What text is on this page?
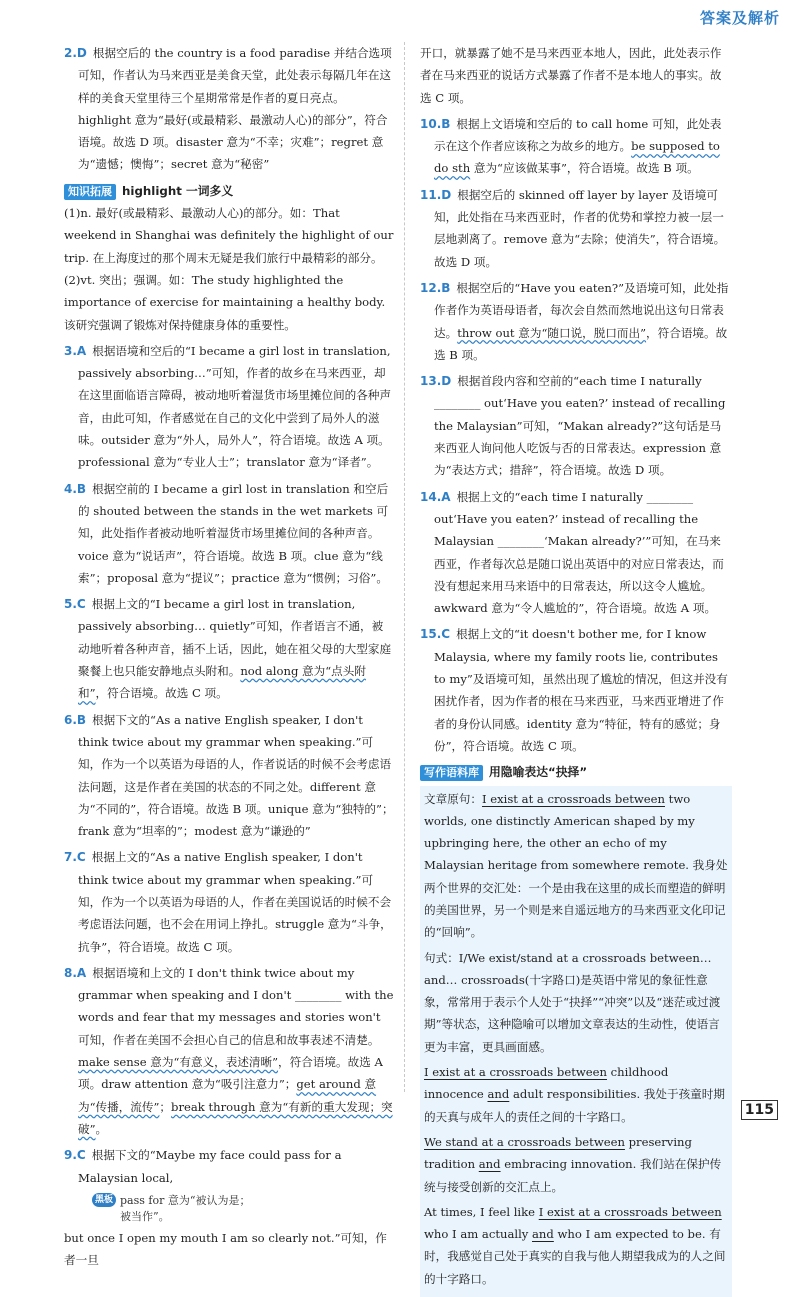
答案及解析

2.D 根据空后的 the country is a food paradise 并结合选项可知，作者认为马来西亚是美食天堂，此处表示每隔几年在这样的美食天堂里待三个星期常常是作者的夏日亮点。highlight 意为“最好(或最精彩、最激动人心)的部分”，符合语境。故选 D 项。disaster 意为“不幸；灾难”；regret 意为“遗憾；懊悔”；secret 意为“秘密”

知识拓展 highlight 一词多义

(1)n. 最好(或最精彩、最激动人心)的部分。如：That weekend in Shanghai was definitely the highlight of our trip. 在上海度过的那个周末无疑是我们旅行中最精彩的部分。

(2)vt. 突出；强调。如：The study highlighted the importance of exercise for maintaining a healthy body. 该研究强调了锻炼对保持健康身体的重要性。

3.A 根据语境和空后的“I became a girl lost in translation, passively absorbing…”可知，作者的故乡在马来西亚，却在这里面临语言障碍，被动地听着湿货市场里摊位间的各种声音，由此可知，作者感觉在自己的文化中尝到了局外人的滋味。outsider 意为“外人，局外人”，符合语境。故选 A 项。professional 意为“专业人士”；translator 意为“译者”。

4.B 根据空前的 I became a girl lost in translation 和空后的 shouted between the stands in the wet markets 可知，此处指作者被动地听着湿货市场里摊位间的各种声音。voice 意为“说话声”，符合语境。故选 B 项。clue 意为“线索”；proposal 意为“提议”；practice 意为“惯例；习俗”。

5.C 根据上文的“I became a girl lost in translation, passively absorbing… quietly”可知，作者语言不通，被动地听着各种声音，插不上话，因此，她在祖父母的大型家庭聚餐上也只能安静地点头附和。nod along 意为“点头附和”，符合语境。故选 C 项。

6.B 根据下文的“As a native English speaker, I don't think twice about my grammar when speaking.”可知，作为一个以英语为母语的人，作者说话的时候不会考虑语法问题，这是作者在美国的状态的不同之处。different 意为“不同的”，符合语境。故选 B 项。unique 意为“独特的”；frank 意为“坦率的”；modest 意为“谦逊的”

7.C 根据上文的“As a native English speaker, I don't think twice about my grammar when speaking.”可知，作为一个以英语为母语的人，作者在美国说话的时候不会考虑语法问题，也不会在用词上挣扎。struggle 意为“斗争，抗争”，符合语境。故选 C 项。

8.A 根据语境和上文的 I don't think twice about my grammar when speaking and I don't ________ with the words and fear that my messages and stories won't 可知，作者在美国不会担心自己的信息和故事表述不清楚。make sense 意为“有意义，表述清晰”，符合语境。故选 A 项。draw attention 意为“吸引注意力”；get around 意为“传播，流传”；break through 意为“有新的重大发现；突破”。

9.C 根据下文的“Maybe my face could pass for a Malaysian local,
黑板 pass for 意为“被认为是；
被当作”。

but once I open my mouth I am so clearly not.”可知，作者一旦

开口，就暴露了她不是马来西亚本地人，因此，此处表示作者在马来西亚的说话方式暴露了作者不是本地人的事实。故选 C 项。

10.B 根据上文语境和空后的 to call home 可知，此处表示在这个作者应该称之为故乡的地方。be supposed to do sth 意为“应该做某事”，符合语境。故选 B 项。

11.D 根据空后的 skinned off layer by layer 及语境可知，此处指在马来西亚时，作者的优势和掌控力被一层一层地剥离了。remove 意为“去除；使消失”，符合语境。故选 D 项。

12.B 根据空后的“Have you eaten?”及语境可知，此处指作者作为英语母语者，每次会自然而然地说出这句日常表达。throw out 意为“随口说，脱口而出”，符合语境。故选 B 项。

13.D 根据首段内容和空前的“each time I naturally ________ out‘Have you eaten?’ instead of recalling the Malaysian”可知，“Makan already?”这句话是马来西亚人询问他人吃饭与否的日常表达。expression 意为“表达方式；措辞”，符合语境。故选 D 项。

14.A 根据上文的“each time I naturally ________ out‘Have you eaten?’ instead of recalling the Malaysian ________‘Makan already?’”可知，在马来西亚，作者每次总是随口说出英语中的对应日常表达，而没有想起来用马来语中的日常表达，所以这令人尴尬。awkward 意为“令人尴尬的”，符合语境。故选 A 项。

15.C 根据上文的“it doesn't bother me, for I know Malaysia, where my family roots lie, contributes to my”及语境可知，虽然出现了尴尬的情况，但这并没有困扰作者，因为作者的根在马来西亚，马来西亚增进了作者的身份认同感。identity 意为“特征，特有的感觉；身份”，符合语境。故选 C 项。

写作语料库 用隐喻表达“抉择”

文章原句：I exist at a crossroads between two worlds, one distinctly American shaped by my upbringing here, the other an echo of my Malaysian heritage from somewhere remote. 我身处两个世界的交汇处：一个是由我在这里的成长而塑造的鲜明的美国世界，另一个则是来自遥远地方的马来西亚文化印记的“回响”。

句式：I/We exist/stand at a crossroads between… and… crossroads(十字路口)是英语中常见的象征性意象，常常用于表示个人处于“抉择”“冲突”以及“迷茫或过渡期”等状态，这种隐喻可以增加文章表达的生动性，使语言更为丰富，更具画面感。

I exist at a crossroads between childhood innocence and adult responsibilities. 我处于孩童时期的天真与成年人的责任之间的十字路口。

We stand at a crossroads between preserving tradition and embracing innovation. 我们站在保护传统与接受创新的交汇点上。

At times, I feel like I exist at a crossroads between who I am actually and who I am expected to be. 有时，我感觉自己处于真实的自我与他人期望我成为的人之间的十字路口。

115
